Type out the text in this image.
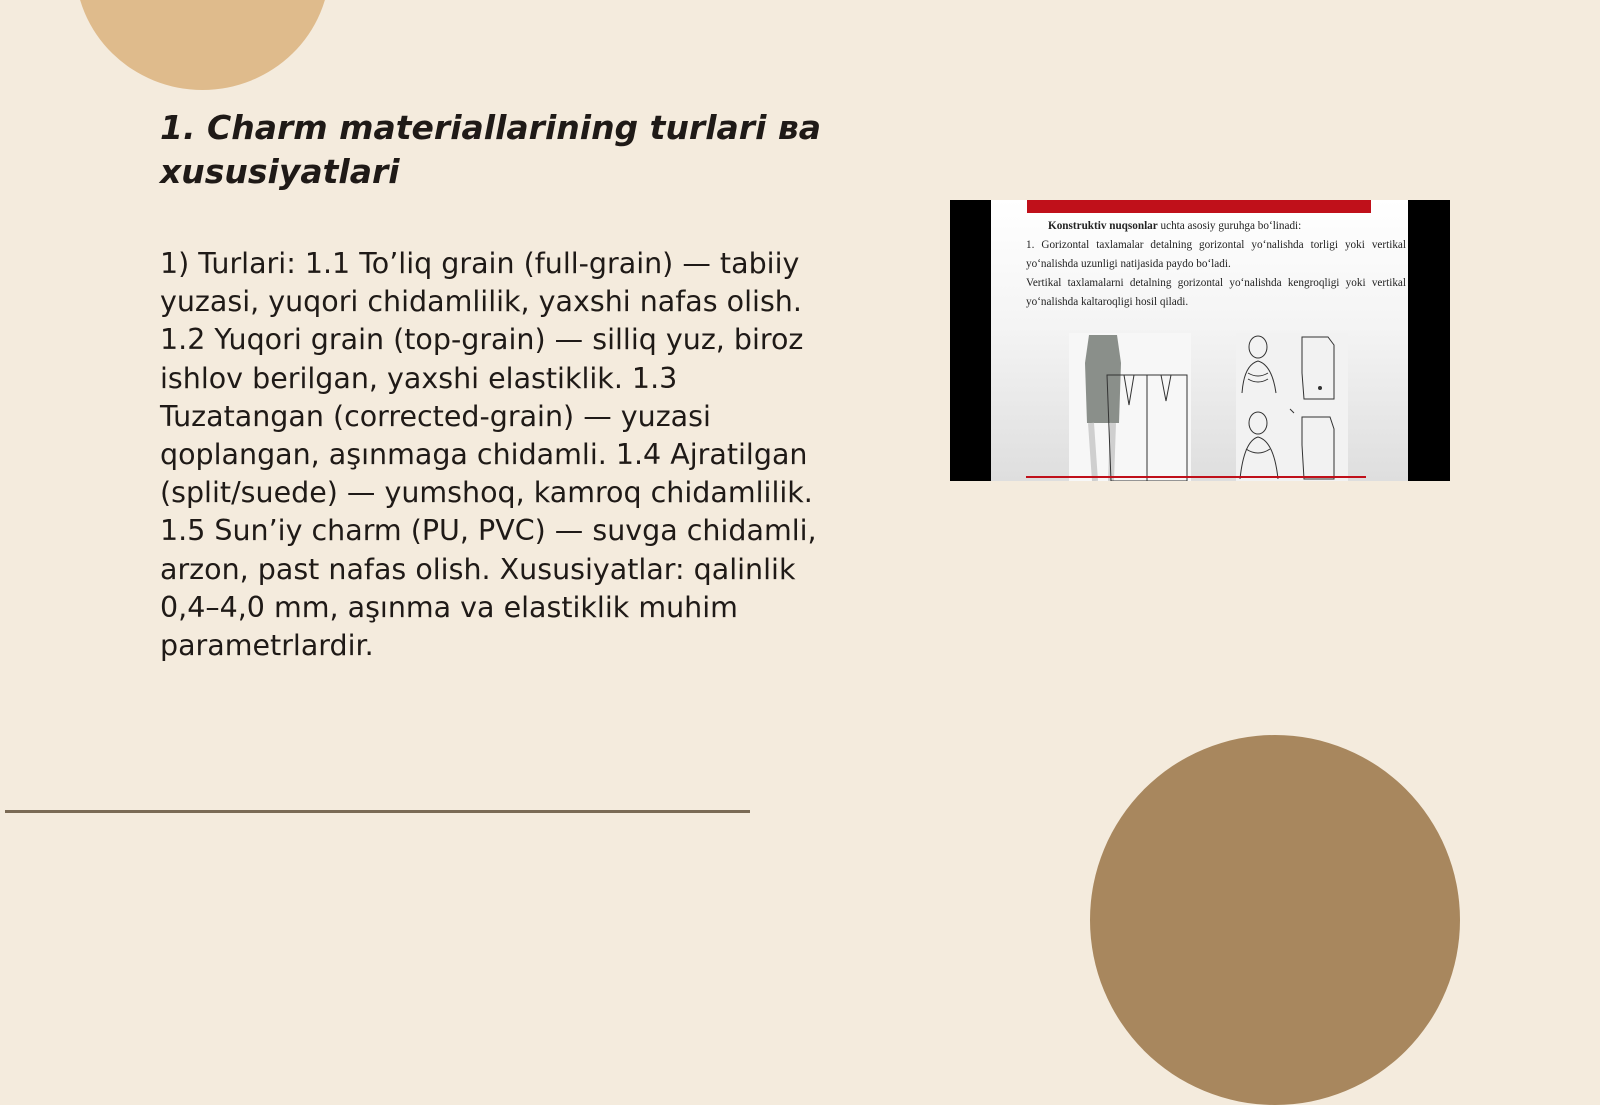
1. Charm materiallarining turlari ва xususiyatlari

1) Turlari: 1.1 To’liq grain (full-grain) — tabiiy yuzasi, yuqori chidamlilik, yaxshi nafas olish. 1.2 Yuqori grain (top-grain) — silliq yuz, biroz ishlov berilgan, yaxshi elastiklik. 1.3 Tuzatangan (corrected-grain) — yuzasi qoplangan, aşınmaga chidamli. 1.4 Ajratilgan (split/suede) — yumshoq, kamroq chidamlilik. 1.5 Sun’iy charm (PU, PVC) — suvga chidamli, arzon, past nafas olish. Xususiyatlar: qalinlik 0,4–4,0 mm, aşınma va elastiklik muhim parametrlardir.

Konstruktiv nuqsonlar uchta asosiy guruhga bo‘linadi:

1. Gorizontal taxlamalar detalning gorizontal yo‘nalishda torligi yoki vertikal yo‘nalishda uzunligi natijasida paydo bo‘ladi.

Vertikal taxlamalarni detalning gorizontal yo‘nalishda kengroqligi yoki vertikal yo‘nalishda kaltaroqligi hosil qiladi.
